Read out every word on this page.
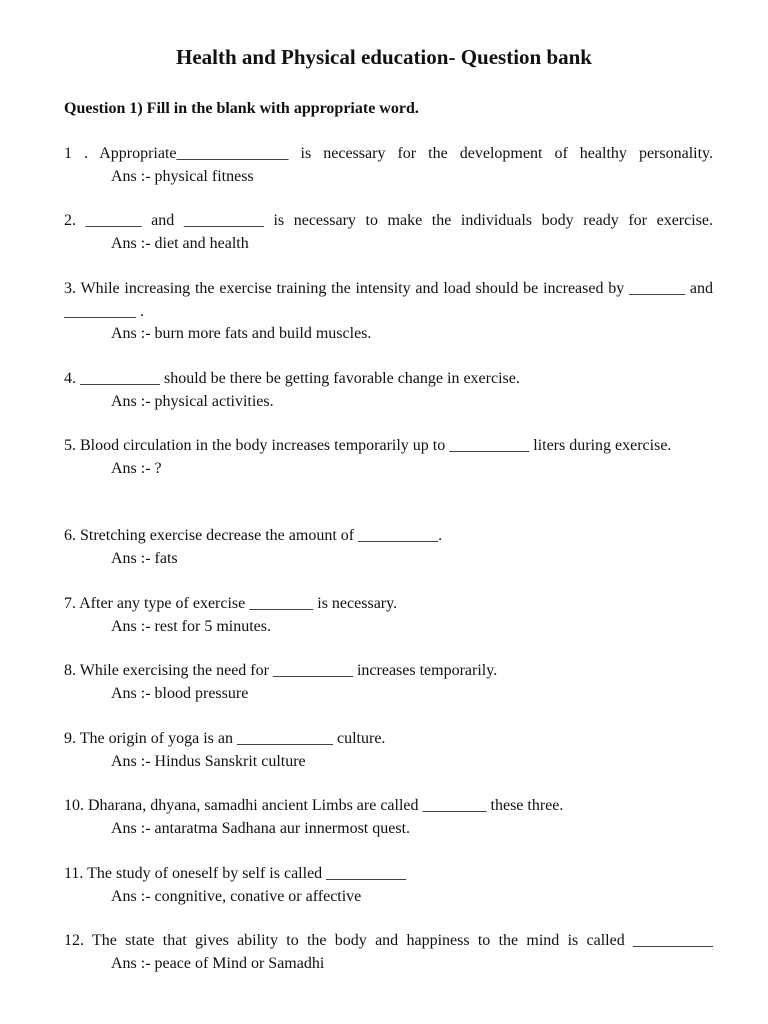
Health and Physical education- Question bank
Question 1) Fill in the blank with appropriate word.
1 . Appropriate______________ is necessary for the development of healthy personality.
Ans :- physical fitness
2. _______ and __________ is necessary to make the individuals body ready for exercise.
Ans :- diet and health
3. While increasing the exercise training the intensity and load should be increased by _______ and _________ .
Ans :- burn more fats and build muscles.
4. __________ should be there be getting favorable change in exercise.
Ans :- physical activities.
5. Blood circulation in the body increases temporarily up to __________ liters during exercise.
Ans :- ?
6. Stretching exercise decrease the amount of __________.
Ans :- fats
7. After any type of exercise ________ is necessary.
Ans :- rest for 5 minutes.
8. While exercising the need for __________ increases temporarily.
Ans :- blood pressure
9. The origin of yoga is an ____________ culture.
Ans :- Hindus Sanskrit culture
10. Dharana, dhyana, samadhi ancient Limbs are called ________ these three.
Ans :- antaratma Sadhana aur innermost quest.
11. The study of oneself by self is called __________
Ans :- congnitive, conative or affective
12. The state that gives ability to the body and happiness to the mind is called __________
Ans :- peace of Mind or Samadhi
